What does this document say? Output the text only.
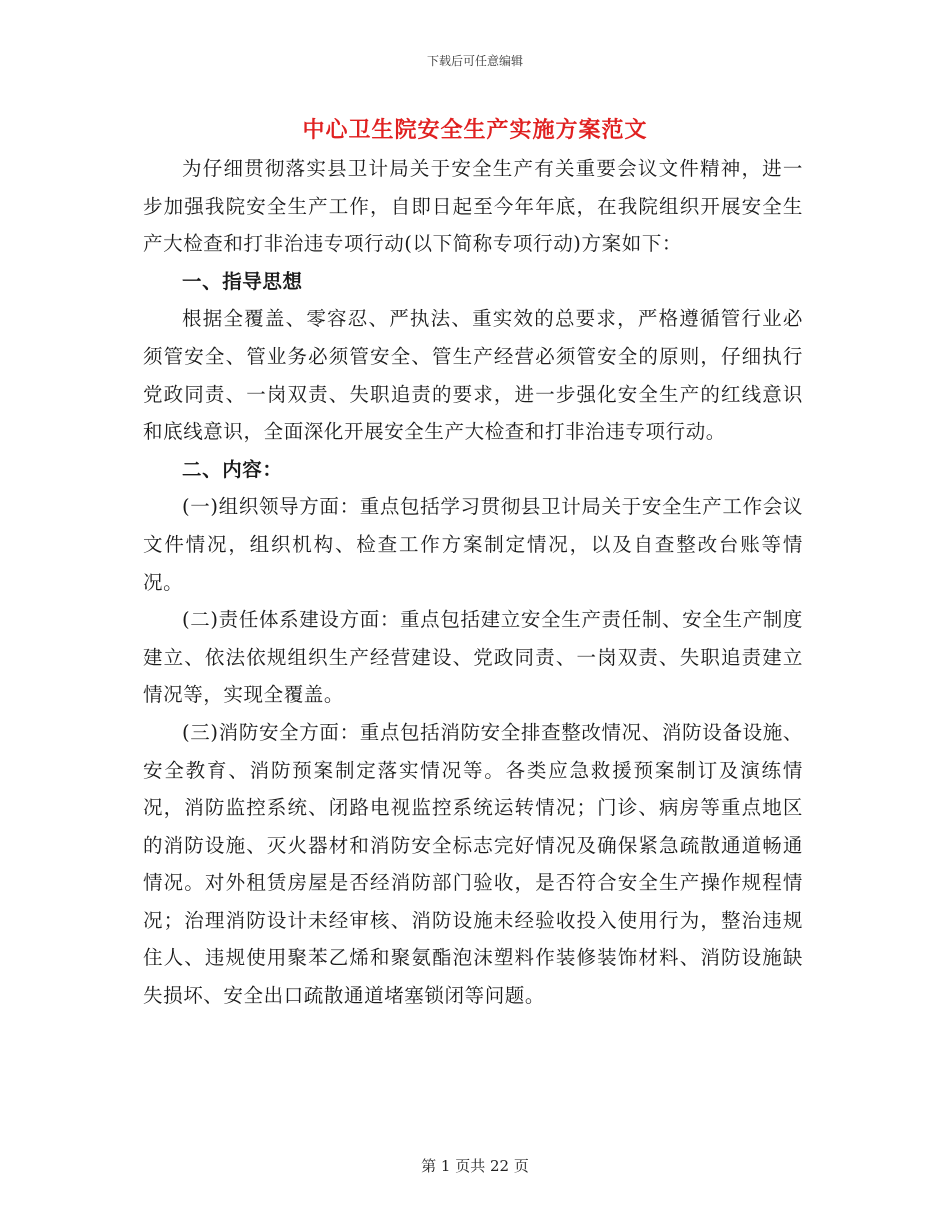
下载后可任意编辑
中心卫生院安全生产实施方案范文

为仔细贯彻落实县卫计局关于安全生产有关重要会议文件精神，进一步加强我院安全生产工作，自即日起至今年年底，在我院组织开展安全生产大检查和打非治违专项行动(以下简称专项行动)方案如下：

一、指导思想

根据全覆盖、零容忍、严执法、重实效的总要求，严格遵循管行业必须管安全、管业务必须管安全、管生产经营必须管安全的原则，仔细执行党政同责、一岗双责、失职追责的要求，进一步强化安全生产的红线意识和底线意识，全面深化开展安全生产大检查和打非治违专项行动。

二、内容：

(一)组织领导方面：重点包括学习贯彻县卫计局关于安全生产工作会议文件情况，组织机构、检查工作方案制定情况，以及自查整改台账等情况。

(二)责任体系建设方面：重点包括建立安全生产责任制、安全生产制度建立、依法依规组织生产经营建设、党政同责、一岗双责、失职追责建立情况等，实现全覆盖。

(三)消防安全方面：重点包括消防安全排查整改情况、消防设备设施、安全教育、消防预案制定落实情况等。各类应急救援预案制订及演练情况，消防监控系统、闭路电视监控系统运转情况；门诊、病房等重点地区的消防设施、灭火器材和消防安全标志完好情况及确保紧急疏散通道畅通情况。对外租赁房屋是否经消防部门验收，是否符合安全生产操作规程情况；治理消防设计未经审核、消防设施未经验收投入使用行为，整治违规住人、违规使用聚苯乙烯和聚氨酯泡沫塑料作装修装饰材料、消防设施缺失损坏、安全出口疏散通道堵塞锁闭等问题。

第 1 页共 22 页
